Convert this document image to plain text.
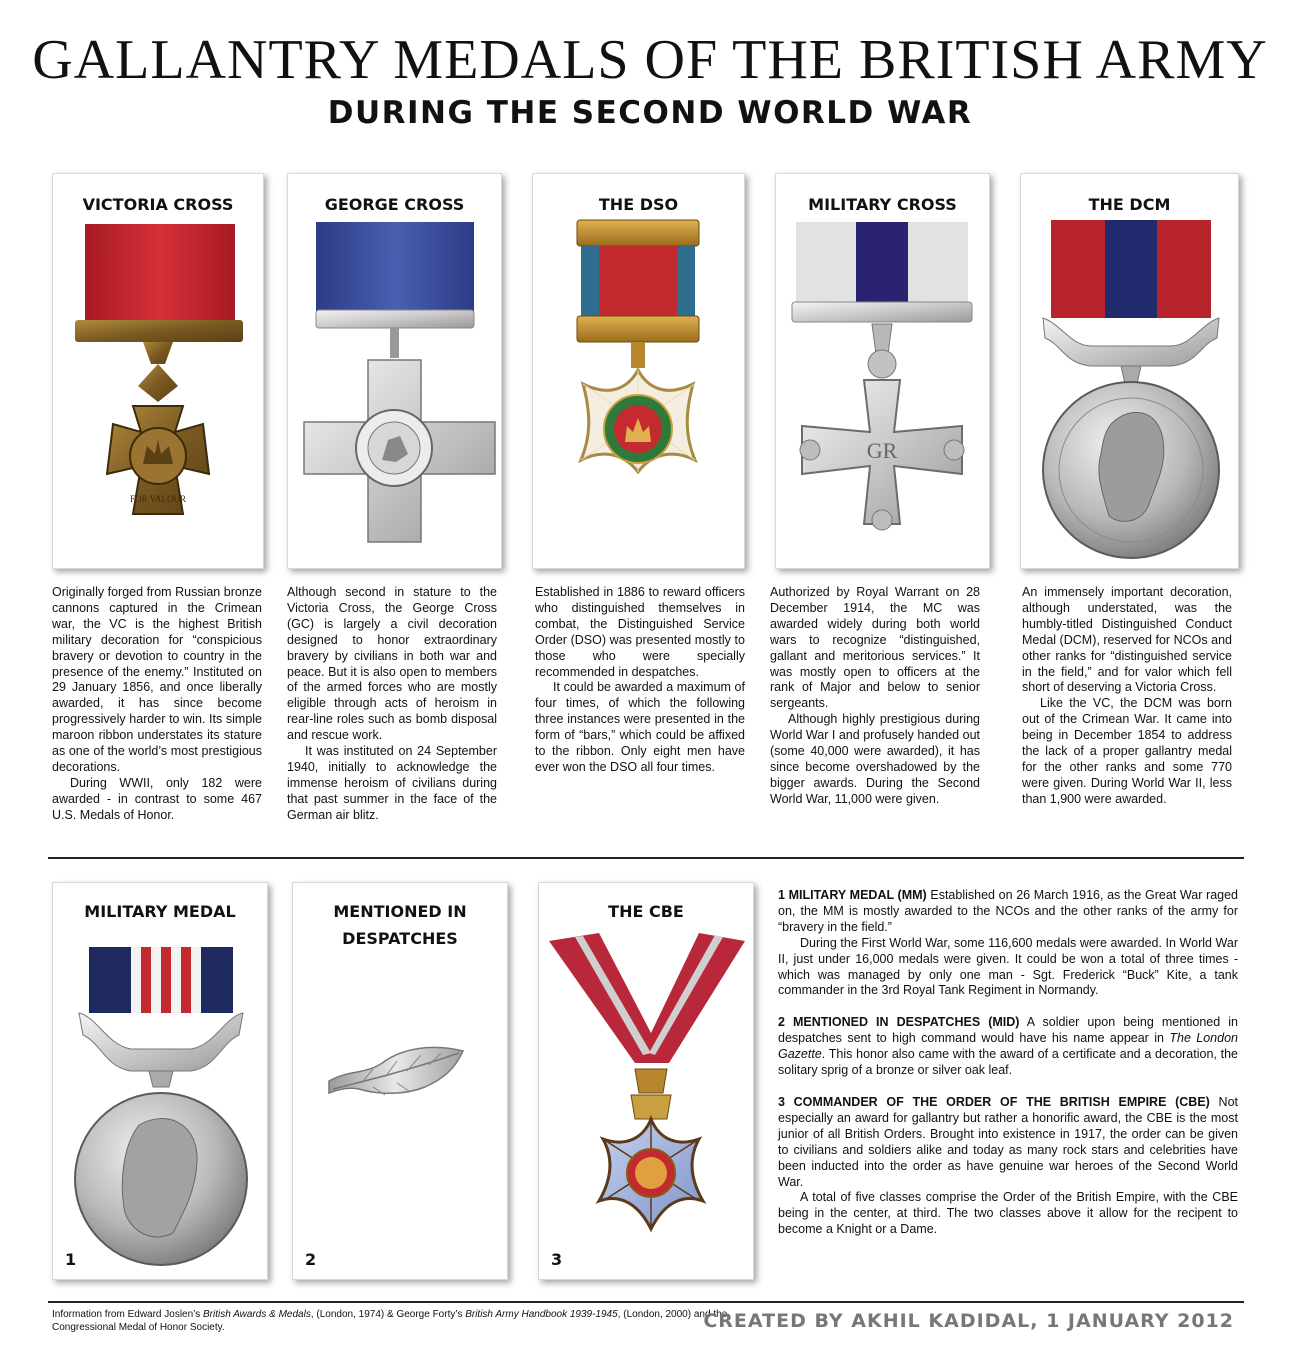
GALLANTRY MEDALS OF THE BRITISH ARMY
DURING THE SECOND WORLD WAR
VICTORIA CROSS
FOR VALOUR
GEORGE CROSS	THE DSO	MILITARY CROSS
GR
THE DCM

Originally forged from Russian bronze cannons captured in the Crimean war, the VC is the highest British military decoration for “conspicious bravery or devotion to country in the presence of the enemy.” Instituted on 29 January 1856, and once liberally awarded, it has since become progressively harder to win. Its simple maroon ribbon understates its stature as one of the world’s most prestigious decorations.

During WWII, only 182 were awarded - in contrast to some 467 U.S. Medals of Honor.

Although second in stature to the Victoria Cross, the George Cross (GC) is largely a civil decoration designed to honor extraordinary bravery by civilians in both war and peace. But it is also open to members of the armed forces who are mostly eligible through acts of heroism in rear-line roles such as bomb disposal and rescue work.

It was instituted on 24 September 1940, initially to acknowledge the immense heroism of civilians during that past summer in the face of the German air blitz.

Established in 1886 to reward officers who distinguished themselves in combat, the Distinguished Service Order (DSO) was presented mostly to those who were specially recommended in despatches.

It could be awarded a maximum of four times, of which the following three instances were presented in the form of “bars,” which could be affixed to the ribbon. Only eight men have ever won the DSO all four times.

Authorized by Royal Warrant on 28 December 1914, the MC was awarded widely during both world wars to recognize “distinguished, gallant and meritorious services.” It was mostly open to officers at the rank of Major and below to senior sergeants.

Although highly prestigious during World War I and profusely handed out (some 40,000 were awarded), it has since become overshadowed by the bigger awards. During the Second World War, 11,000 were given.

An immensely important decoration, although understated, was the humbly-titled Distinguished Conduct Medal (DCM), reserved for NCOs and other ranks for “distinguished service in the field,” and for valor which fell short of deserving a Victoria Cross.

Like the VC, the DCM was born out of the Crimean War. It came into being in December 1854 to address the lack of a proper gallantry medal for the other ranks and some 770 were given. During World War II, less than 1,900 were awarded.

MILITARY MEDAL
1
MENTIONED IN
DESPATCHES
2
THE CBE
3

1 MILITARY MEDAL (MM) Established on 26 March 1916, as the Great War raged on, the MM is mostly awarded to the NCOs and the other ranks of the army for “bravery in the field.”

During the First World War, some 116,600 medals were awarded. In World War II, just under 16,000 medals were given. It could be won a total of three times - which was managed by only one man - Sgt. Frederick “Buck” Kite, a tank commander in the 3rd Royal Tank Regiment in Normandy.

2 MENTIONED IN DESPATCHES (MID) A soldier upon being mentioned in despatches sent to high command would have his name appear in The London Gazette. This honor also came with the award of a certificate and a decoration, the solitary sprig of a bronze or silver oak leaf.

3 COMMANDER OF THE ORDER OF THE BRITISH EMPIRE (CBE) Not especially an award for gallantry but rather a honorific award, the CBE is the most junior of all British Orders. Brought into existence in 1917, the order can be given to civilians and soldiers alike and today as many rock stars and celebrities have been inducted into the order as have genuine war heroes of the Second World War.

A total of five classes comprise the Order of the British Empire, with the CBE being in the center, at third. The two classes above it allow for the recipent to become a Knight or a Dame.

Information from Edward Joslen’s British Awards & Medals, (London, 1974) & George Forty’s British Army Handbook 1939-1945, (London, 2000) and the Congressional Medal of Honor Society.	CREATED BY AKHIL KADIDAL, 1 JANUARY 2012
